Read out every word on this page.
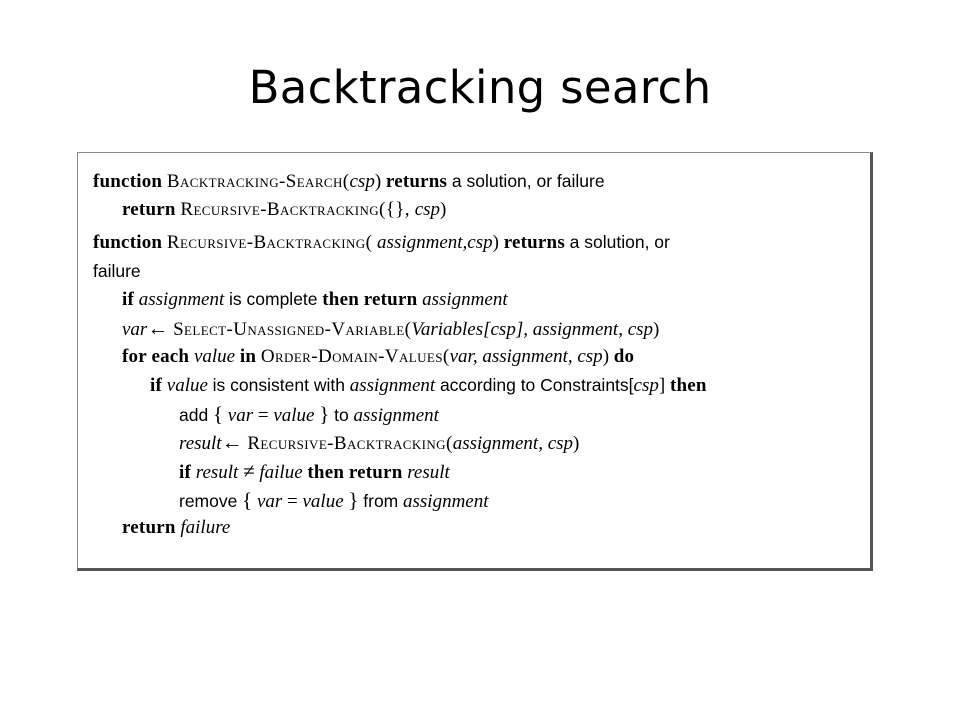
Backtracking search
function Backtracking-Search(csp) returns a solution, or failure
return Recursive-Backtracking({}, csp)
function Recursive-Backtracking( assignment,csp) returns a solution, or
failure
if assignment is complete then return assignment
var← Select-Unassigned-Variable(Variables[csp], assignment, csp)
for each value in Order-Domain-Values(var, assignment, csp) do
if value is consistent with assignment according to Constraints[csp] then
add { var = value } to assignment
result← Recursive-Backtracking(assignment, csp)
if result ≠ failue then return result
remove { var = value } from assignment
return failure
